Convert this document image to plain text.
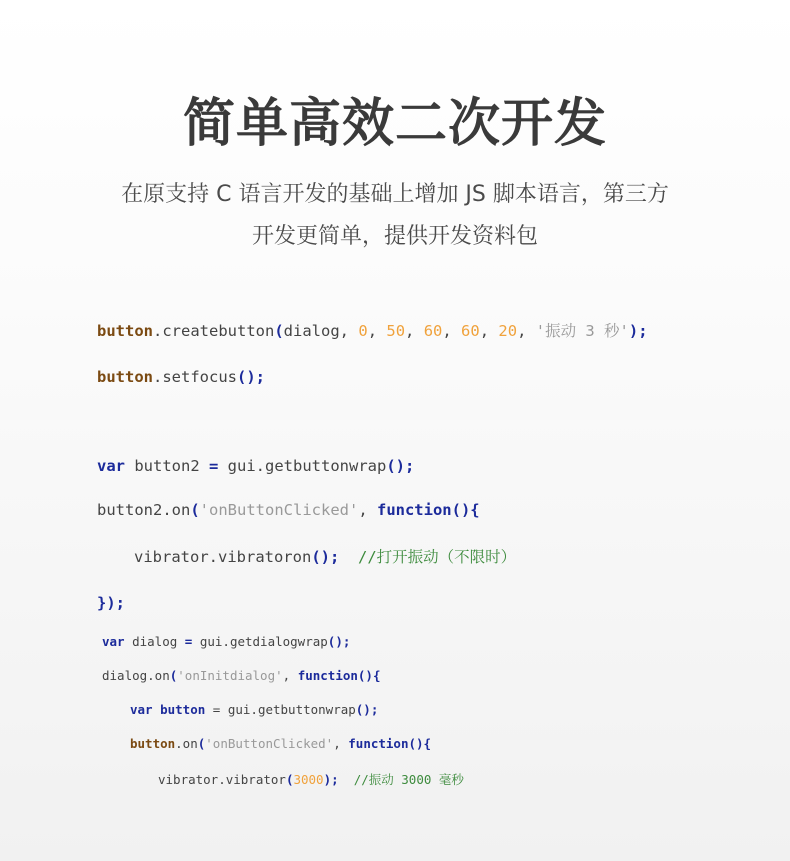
简单高效二次开发
在原支持 C 语言开发的基础上增加 JS 脚本语言，第三方
开发更简单，提供开发资料包

button.createbutton(dialog, 0, 50, 60, 60, 20, '振动 3 秒');

button.setfocus();

var button2 = gui.getbuttonwrap();

button2.on('onButtonClicked', function(){

vibrator.vibratoron(); //打开振动（不限时）

});

var dialog = gui.getdialogwrap();

dialog.on('onInitdialog', function(){

var button = gui.getbuttonwrap();

button.on('onButtonClicked', function(){

vibrator.vibrator(3000); //振动 3000 毫秒
